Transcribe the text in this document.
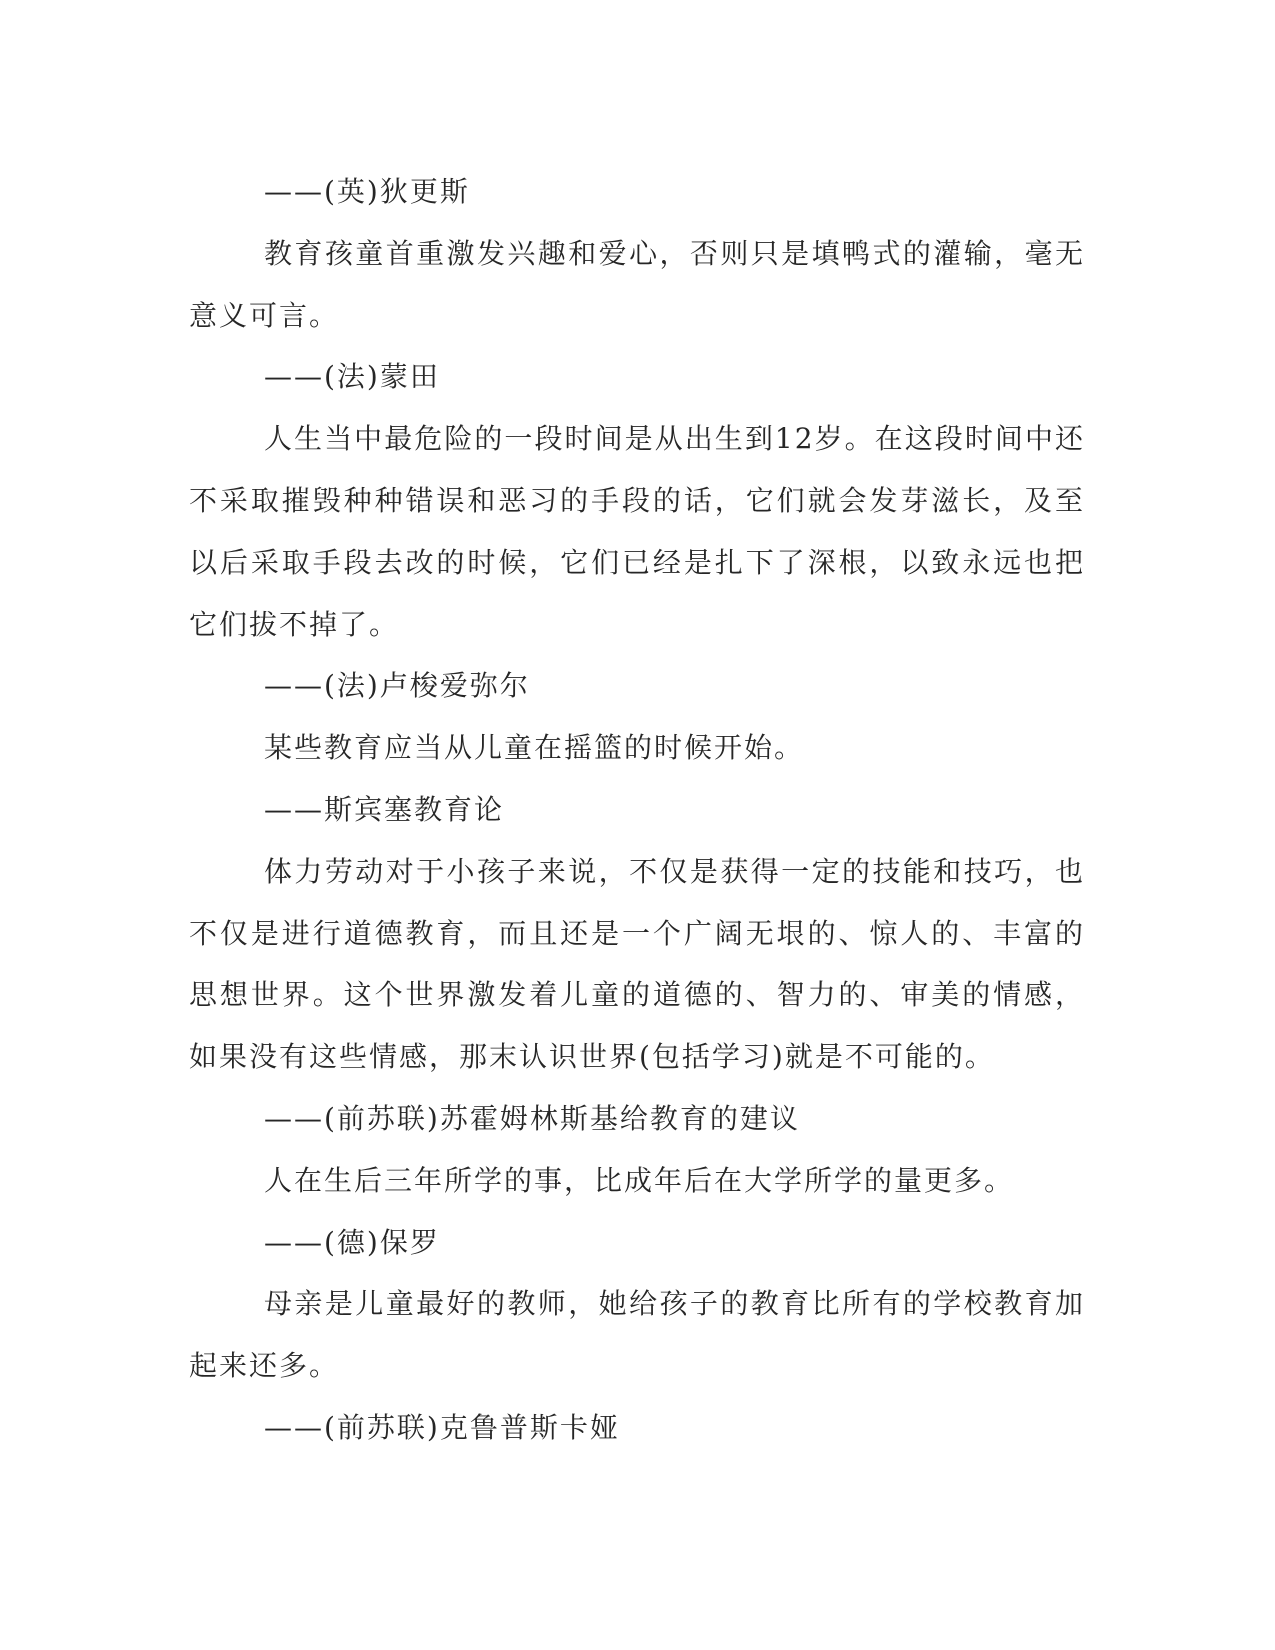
——(英)狄更斯

教育孩童首重激发兴趣和爱心，否则只是填鸭式的灌输，毫无意义可言。

——(法)蒙田

人生当中最危险的一段时间是从出生到12岁。在这段时间中还不采取摧毁种种错误和恶习的手段的话，它们就会发芽滋长，及至以后采取手段去改的时候，它们已经是扎下了深根，以致永远也把它们拔不掉了。

——(法)卢梭爱弥尔

某些教育应当从儿童在摇篮的时候开始。

——斯宾塞教育论

体力劳动对于小孩子来说，不仅是获得一定的技能和技巧，也不仅是进行道德教育，而且还是一个广阔无垠的、惊人的、丰富的思想世界。这个世界激发着儿童的道德的、智力的、审美的情感，如果没有这些情感，那末认识世界(包括学习)就是不可能的。

——(前苏联)苏霍姆林斯基给教育的建议

人在生后三年所学的事，比成年后在大学所学的量更多。

——(德)保罗

母亲是儿童最好的教师，她给孩子的教育比所有的学校教育加起来还多。

——(前苏联)克鲁普斯卡娅
